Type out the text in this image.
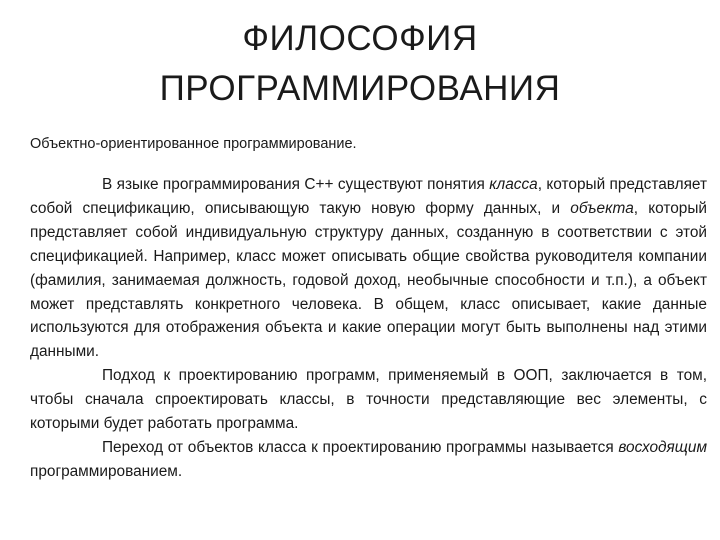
ФИЛОСОФИЯ
ПРОГРАММИРОВАНИЯ
Объектно-ориентированное программирование.

В языке программирования С++ существуют понятия класса, который представляет собой спецификацию, описывающую такую новую форму данных, и объекта, который представляет собой индивидуальную структуру данных, созданную в соответствии с этой спецификацией. Например, класс может описывать общие свойства руководителя компании (фамилия, занимаемая должность, годовой доход, необычные способности и т.п.), а объект может представлять конкретного человека. В общем, класс описывает, какие данные используются для отображения объекта и какие операции могут быть выполнены над этими данными.

Подход к проектированию программ, применяемый в ООП, заключается в том, чтобы сначала спроектировать классы, в точности представляющие вес элементы, с которыми будет работать программа.

Переход от объектов класса к проектированию программы называется восходящим программированием.
